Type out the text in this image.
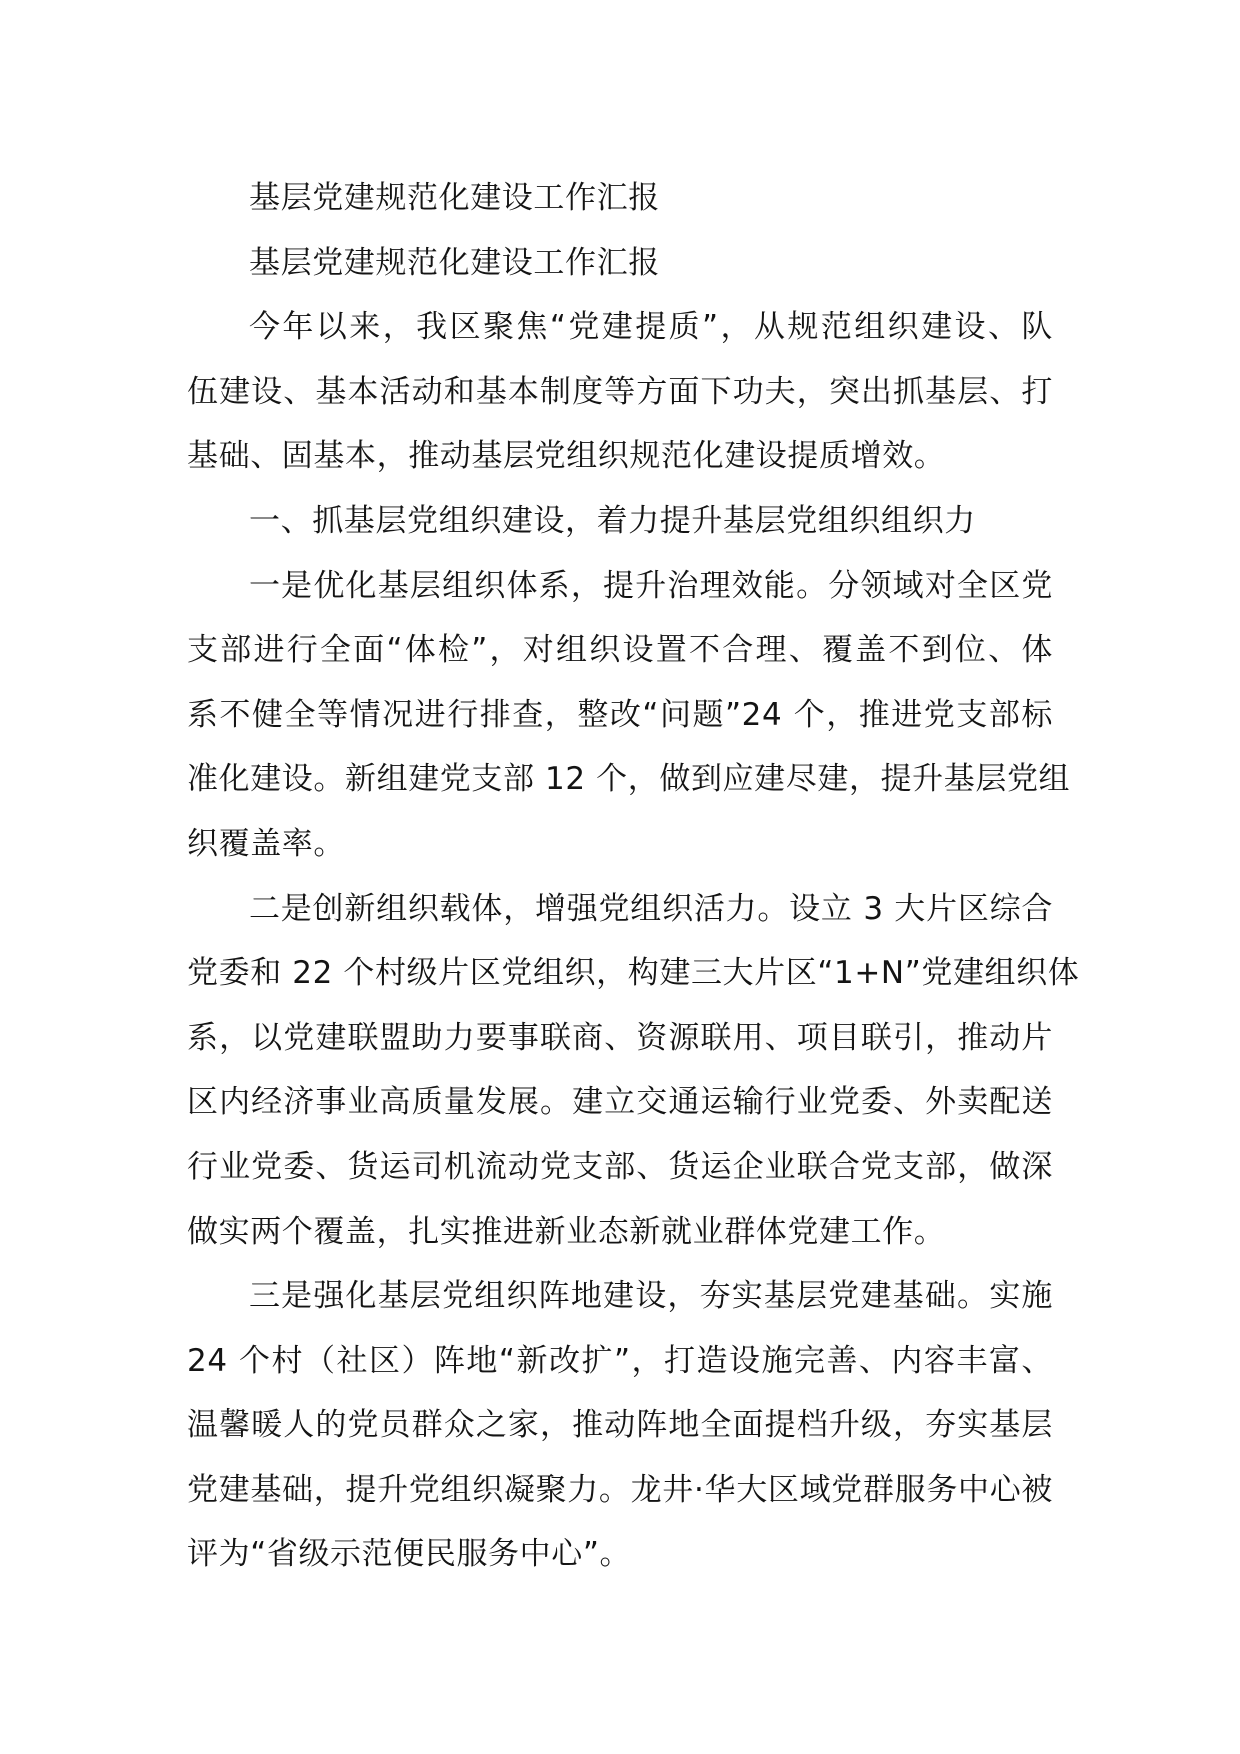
基层党建规范化建设工作汇报
基层党建规范化建设工作汇报
今年以来，我区聚焦“党建提质”，从规范组织建设、队
伍建设、基本活动和基本制度等方面下功夫，突出抓基层、打
基础、固基本，推动基层党组织规范化建设提质增效。
一、抓基层党组织建设，着力提升基层党组织组织力
一是优化基层组织体系，提升治理效能。分领域对全区党
支部进行全面“体检”，对组织设置不合理、覆盖不到位、体
系不健全等情况进行排查，整改“问题”24 个，推进党支部标
准化建设。新组建党支部 12 个，做到应建尽建，提升基层党组
织覆盖率。
二是创新组织载体，增强党组织活力。设立 3 大片区综合
党委和 22 个村级片区党组织，构建三大片区“1+N”党建组织体
系，以党建联盟助力要事联商、资源联用、项目联引，推动片
区内经济事业高质量发展。建立交通运输行业党委、外卖配送
行业党委、货运司机流动党支部、货运企业联合党支部，做深
做实两个覆盖，扎实推进新业态新就业群体党建工作。
三是强化基层党组织阵地建设，夯实基层党建基础。实施
24 个村（社区）阵地“新改扩”，打造设施完善、内容丰富、
温馨暖人的党员群众之家，推动阵地全面提档升级，夯实基层
党建基础，提升党组织凝聚力。龙井·华大区域党群服务中心被
评为“省级示范便民服务中心”。
